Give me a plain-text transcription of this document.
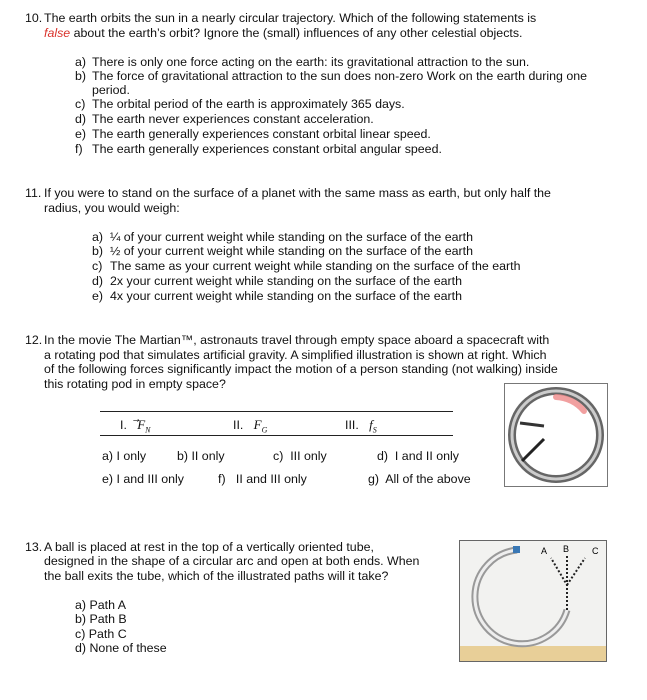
10. The earth orbits the sun in a nearly circular trajectory. Which of the following statements is
false about the earth’s orbit? Ignore the (small) influences of any other celestial objects.
a) There is only one force acting on the earth: its gravitational attraction to the sun.
b) The force of gravitational attraction to the sun does non-zero Work on the earth during one
period.
c) The orbital period of the earth is approximately 365 days.
d) The earth never experiences constant acceleration.
e) The earth generally experiences constant orbital linear speed.
f) The earth generally experiences constant orbital angular speed.
11. If you were to stand on the surface of a planet with the same mass as earth, but only half the
radius, you would weigh:
a) ¼ of your current weight while standing on the surface of the earth
b) ½ of your current weight while standing on the surface of the earth
c) The same as your current weight while standing on the surface of the earth
d) 2x your current weight while standing on the surface of the earth
e) 4x your current weight while standing on the surface of the earth
12. In the movie The Martian™, astronauts travel through empty space aboard a spacecraft with
a rotating pod that simulates artificial gravity. A simplified illustration is shown at right. Which
of the following forces significantly impact the motion of a person standing (not walking) inside
this rotating pod in empty space?
I. $F_N$	II. $F_G$	III. $f_S$
a) I only b) II only	c) III only	d) I and II only
e) I and III only	f) II and III only	g) All of the above
13. A ball is placed at rest in the top of a vertically oriented tube,
designed in the shape of a circular arc and open at both ends. When
the ball exits the tube, which of the illustrated paths will it take?
a) Path A
b) Path B
c) Path C
d) None of these
A B	C
